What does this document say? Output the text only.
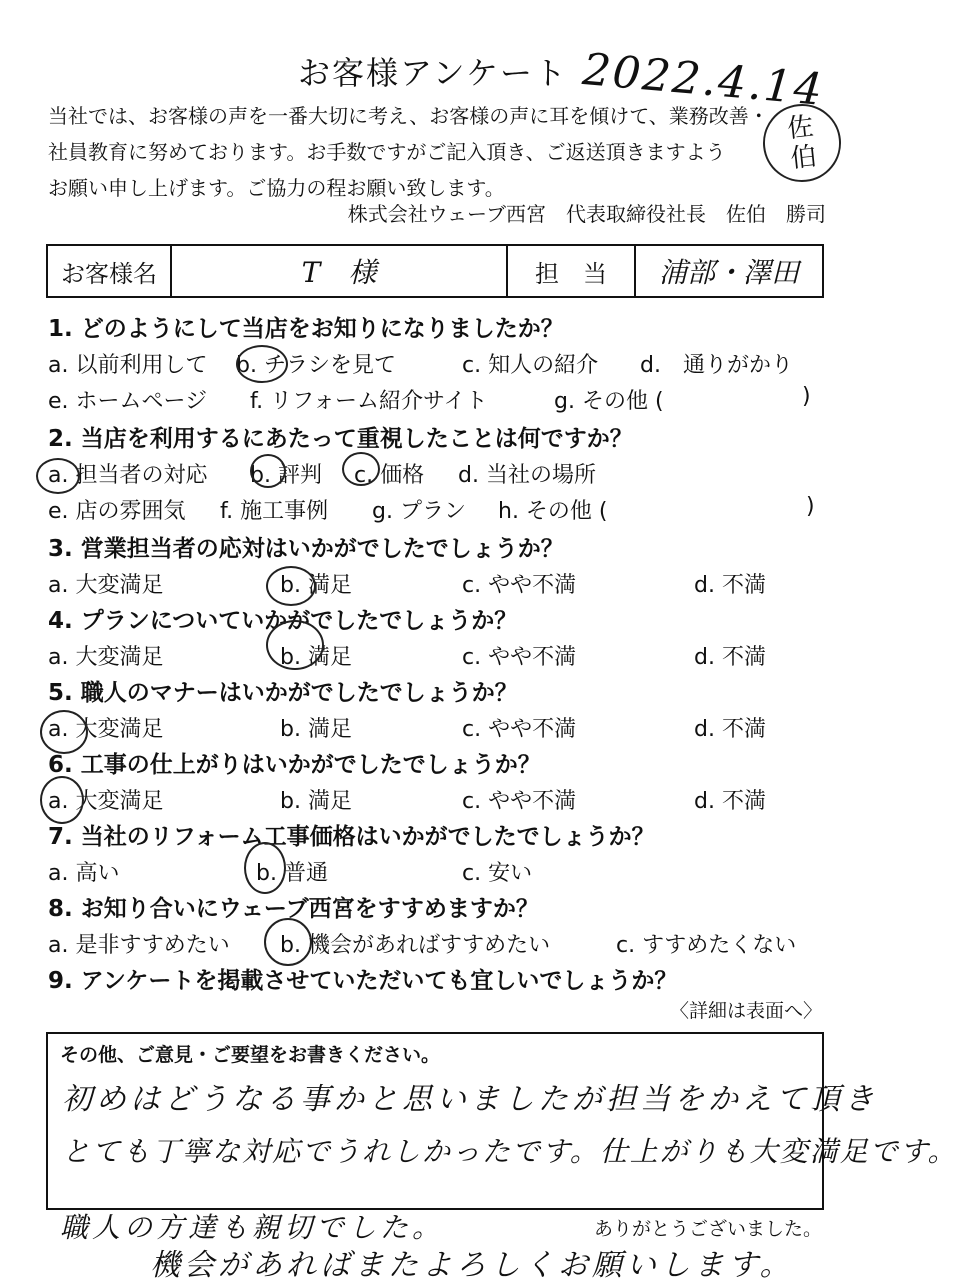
お客様アンケート 2022.4.14
佐
伯
当社では、お客様の声を一番大切に考え、お客様の声に耳を傾けて、業務改善・
社員教育に努めております。お手数ですがご記入頂き、ご返送頂きますよう
お願い申し上げます。ご協力の程お願い致します。
株式会社ウェーブ西宮　代表取締役社長　佐伯　勝司
お客様名	T　様	担　当	浦部・澤田
1. どのようにして当店をお知りになりましたか？
a. 以前利用して b. チラシを見て	c. 知人の紹介 d.　通りがかり
e. ホームページ f. リフォーム紹介サイト	g. その他 (	)
2. 当店を利用するにあたって重視したことは何ですか？
a. 担当者の対応 b. 評判 c. 価格 d. 当社の場所
e. 店の雰囲気 f. 施工事例 g. プラン h. その他 (	)
3. 営業担当者の応対はいかがでしたでしょうか？
a. 大変満足	b. 満足	c. やや不満	d. 不満
4. プランについていかがでしたでしょうか？
a. 大変満足	b. 満足	c. やや不満	d. 不満
5. 職人のマナーはいかがでしたでしょうか？
a. 大変満足	b. 満足	c. やや不満	d. 不満
6. 工事の仕上がりはいかがでしたでしょうか？
a. 大変満足	b. 満足	c. やや不満	d. 不満
7. 当社のリフォーム工事価格はいかがでしたでしょうか？
a. 高い	b. 普通	c. 安い
8. お知り合いにウェーブ西宮をすすめますか？
a. 是非すすめたい b. 機会があればすすめたい	c. すすめたくない
9. アンケートを掲載させていただいても宜しいでしょうか？
〈詳細は表面へ〉
その他、ご意見・ご要望をお書きください。
初めはどうなる事かと思いましたが担当をかえて頂き
とても丁寧な対応でうれしかったです。仕上がりも大変満足です。
職人の方達も親切でした。
機会があればまたよろしくお願いします。
ありがとうございました。
